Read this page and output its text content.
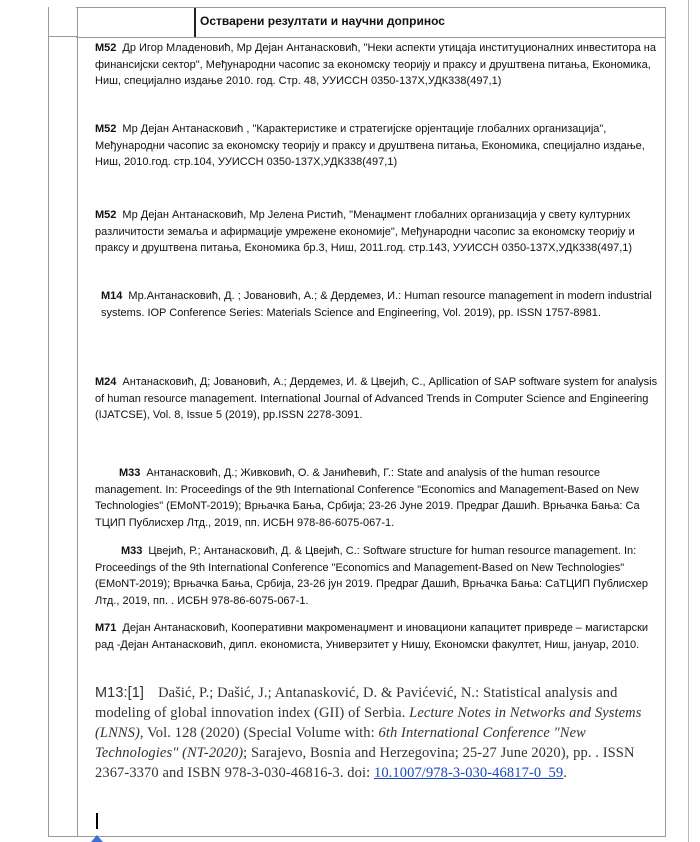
Остварени резултати и научни допринос

M52 Др Игор Младеновић, Мр Дејан Антанасковић, "Неки аспекти утицаја институционалних инвеститора на финансијски сектор", Међународни часопис за економску теорију и праксу и друштвена питања, Економика, Ниш, специјално издање 2010. год. Стр. 48, УУИССН 0350-137Х,УДК338(497,1)

M52 Мр Дејан Антанасковић , "Карактеристике и стратегијске орјентације глобалних организација", Међународни часопис за економску теорију и праксу и друштвена питања, Економика, специјално издање, Ниш, 2010.год. стр.104, УУИССН 0350-137Х,УДК338(497,1)

M52 Мр Дејан Антанасковић, Мр Јелена Ристић, "Менаџмент глобалних организација у свету културних различитости земаља и афирмације умрежене економије", Међународни часопис за економску теорију и праксу и друштвена питања, Економика бр.3, Ниш, 2011.год. стр.143, УУИССН 0350-137Х,УДК338(497,1)

M14 Мр.Антанасковић, Д. ; Јовановић, А.; & Дердемез, И.: Human resource management in modern industrial systems. IOP Conference Series: Materials Science and Engineering, Vol. 2019), pp. ISSN 1757-8981.

M24 Антанасковић, Д; Јовановић, А.; Дердемез, И. & Цвејић, С., Apllication of SAP software system for analysis of human resource management. International Journal of Advanced Trends in Computer Science and Engineering (IJATCSE), Vol. 8, Issue 5 (2019), pp.ISSN 2278-3091.

M33 Антанасковић, Д.; Живковић, О. & Јанићевић, Г.: State and analysis of the human resource management. In: Proceedings of the 9th International Conference "Economics and Management-Based on New Technologies" (EMoNT-2019); Врњачка Бања, Србија; 23-26 Јуне 2019. Предраг Дашић. Врњачка Бања: Са ТЦИП Публисхер Лтд., 2019, пп. ИСБН 978-86-6075-067-1.

M33 Цвејић, Р.; Антанасковић, Д. & Цвејић, С.: Software structure for human resource management. In: Proceedings of the 9th International Conference "Economics and Management-Based on New Technologies" (EMoNT-2019); Врњачка Бања, Србија, 23-26 јун 2019. Предраг Дашић, Врњачка Бања: СаТЦИП Публисхер Лтд., 2019, пп. . ИСБН 978-86-6075-067-1.

M71 Дејан Антанасковић, Кооперативни макроменаџмент и иновациони капацитет привреде – магистарски рад -Дејан Антанасковић, дипл. економиста, Универзитет у Нишу, Економски факултет, Ниш, јануар, 2010.

M13:[1] Dašić, P.; Dašić, J.; Antanasković, D. & Pavićević, N.: Statistical analysis and modeling of global innovation index (GII) of Serbia. Lecture Notes in Networks and Systems (LNNS), Vol. 128 (2020) (Special Volume with: 6th International Conference "New Technologies" (NT-2020); Sarajevo, Bosnia and Herzegovina; 25-27 June 2020), pp. . ISSN 2367-3370 and ISBN 978-3-030-46816-3. doi: 10.1007/978-3-030-46817-0_59.
